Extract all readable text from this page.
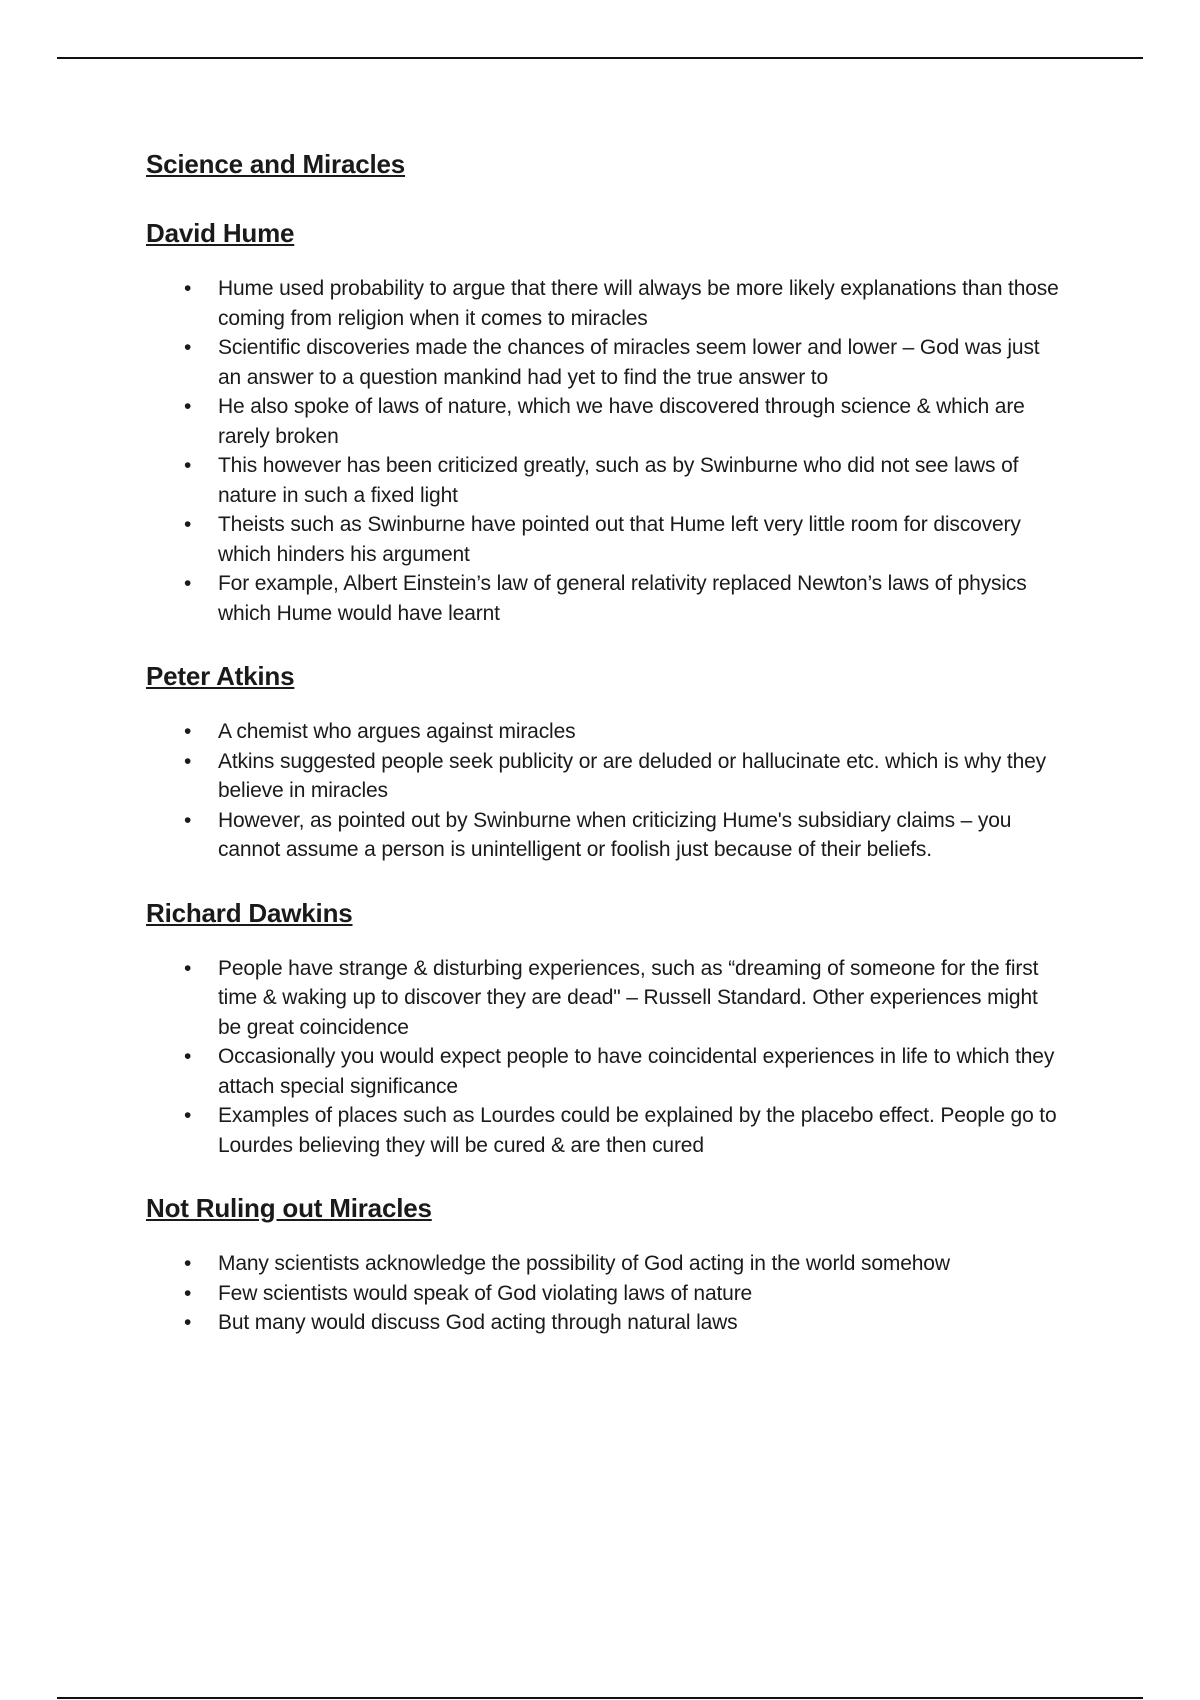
Science and Miracles
David Hume
• Hume used probability to argue that there will always be more likely explanations than those coming from religion when it comes to miracles
• Scientific discoveries made the chances of miracles seem lower and lower – God was just an answer to a question mankind had yet to find the true answer to
• He also spoke of laws of nature, which we have discovered through science & which are rarely broken
• This however has been criticized greatly, such as by Swinburne who did not see laws of nature in such a fixed light
• Theists such as Swinburne have pointed out that Hume left very little room for discovery which hinders his argument
• For example, Albert Einstein’s law of general relativity replaced Newton’s laws of physics which Hume would have learnt
Peter Atkins
• A chemist who argues against miracles
• Atkins suggested people seek publicity or are deluded or hallucinate etc. which is why they believe in miracles
• However, as pointed out by Swinburne when criticizing Hume's subsidiary claims – you cannot assume a person is unintelligent or foolish just because of their beliefs.
Richard Dawkins
• People have strange & disturbing experiences, such as “dreaming of someone for the first time & waking up to discover they are dead" – Russell Standard. Other experiences might be great coincidence
• Occasionally you would expect people to have coincidental experiences in life to which they attach special significance
• Examples of places such as Lourdes could be explained by the placebo effect. People go to Lourdes believing they will be cured & are then cured
Not Ruling out Miracles
• Many scientists acknowledge the possibility of God acting in the world somehow
• Few scientists would speak of God violating laws of nature
• But many would discuss God acting through natural laws
